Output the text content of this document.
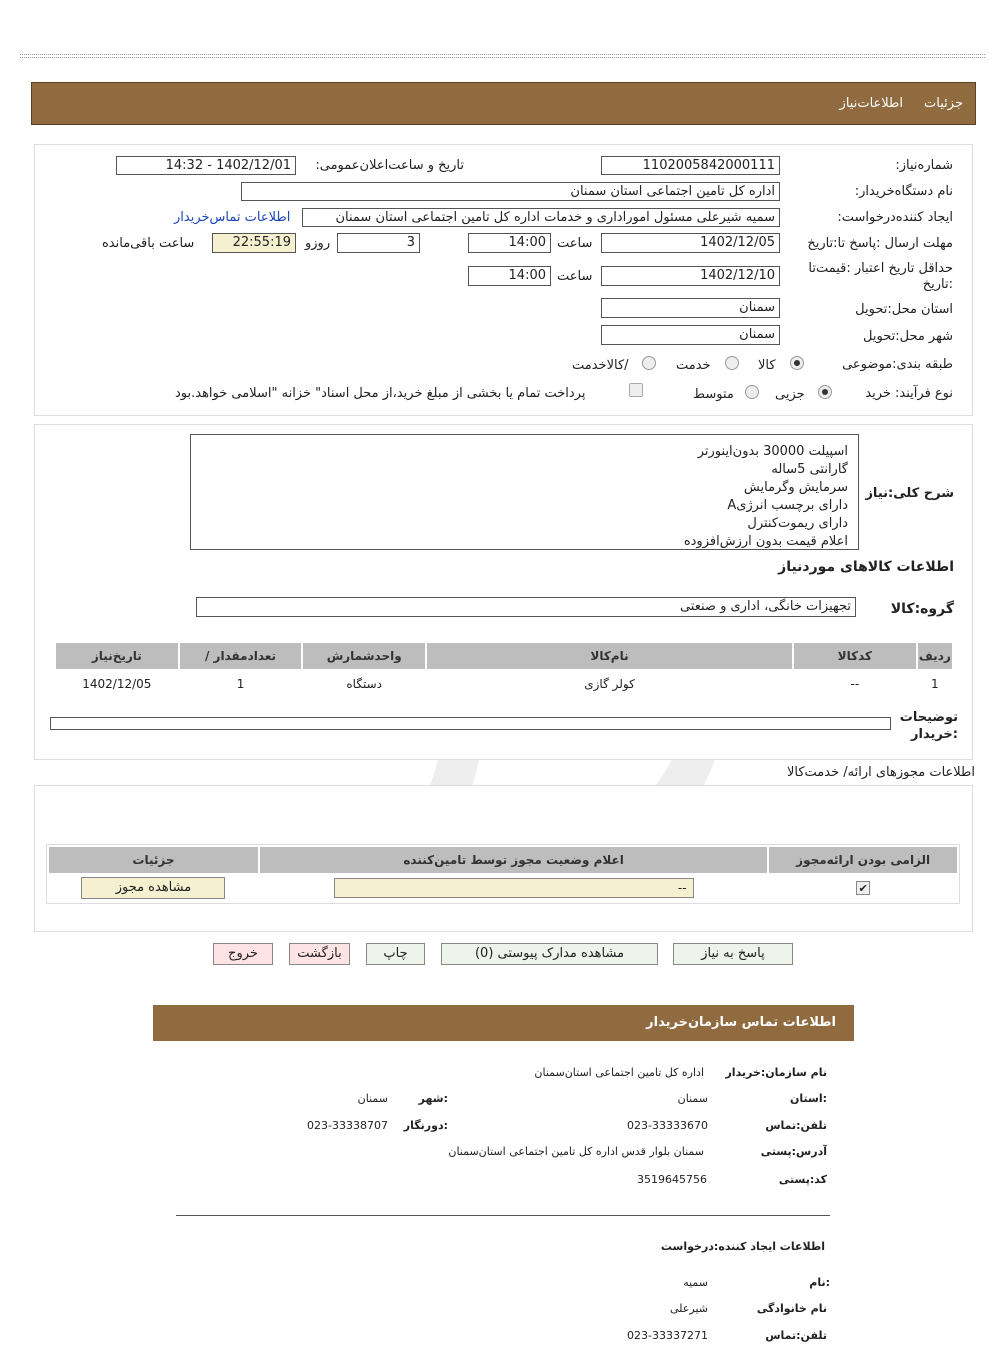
جزئیات
اطلاعات‌نیاز
شماره‌نیاز:
1102005842000111
تاریخ و ساعت‌اعلان‌عمومی:
1402/12/01 - 14:32
نام دستگاه‌خریدار:
اداره کل تامین اجتماعی استان سمنان
ایجاد کننده‌درخواست:
سمیه شیرعلی مسئول اموراداری و خدمات اداره کل تامین اجتماعی استان سمنان
اطلاعات تماس‌خریدار
مهلت ارسال :پاسخ تا:تاریخ
1402/12/05
ساعت
14:00
3
روزو
22:55:19
ساعت باقی‌مانده
حداقل تاریخ اعتبار :قیمت‌تا
:تاریخ
1402/12/10
ساعت
14:00
استان محل:تحویل
سمنان
شهر محل:تحویل
سمنان
طبقه بندی:موضوعی
کالا
خدمت
/کالاخدمت
نوع فرآیند: خرید
جزیی
متوسط
پرداخت تمام یا بخشی از مبلغ خرید،از محل اسناد" خزانه "اسلامی خواهد.بود
شرح کلی:نیاز
اسپیلت 30000 بدون‌اینورتر
گارانتی 5ساله
سرمایش وگرمایش
دارای برچسب انرژیA
دارای ریموت‌کنترل
اعلام قیمت بدون ارزش‌افزوده
اطلاعات کالاهای موردنیاز
گروه:کالا
تجهیزات خانگی، اداری و صنعتی
ردیف	کدکالا	نام‌کالا	واحدشمارش	تعدادمقدار /	تاریخ‌نیاز
1	--	کولر گازی	دستگاه	1	1402/12/05
توضیحات
:خریدار
اطلاعات مجوزهای ارائه/ خدمت‌کالا
الزامی بودن ارائه‌مجوز	اعلام وضعیت مجوز توسط تامین‌کننده	جزئیات
✔	--	مشاهده مجوز
پاسخ به نیاز
مشاهده مدارک پیوستی (0)
چاپ
بازگشت
خروج
اطلاعات تماس سازمان‌خریدار
نام سازمان:خریدار
اداره کل تامین اجتماعی استان‌سمنان
:استان
سمنان
:شهر
سمنان
تلفن:تماس
023-33333670
:دورنگار
023-33338707
آدرس:پستی
سمنان بلوار قدس اداره کل تامین اجتماعی استان‌سمنان
کد:پستی
3519645756
اطلاعات ایجاد کننده:درخواست
:نام
سمیه
نام خانوادگی
شیرعلی
تلفن:تماس
023-33337271
